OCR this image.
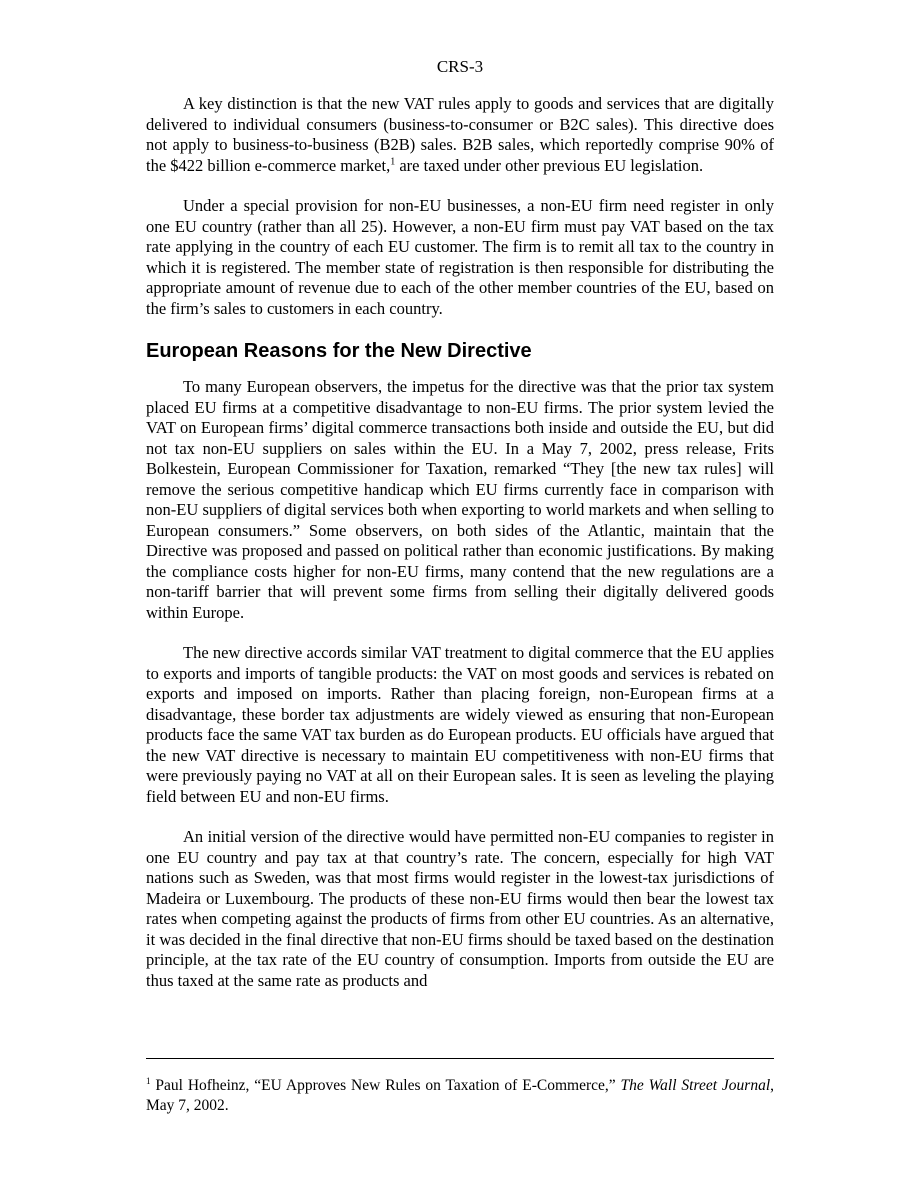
CRS-3

A key distinction is that the new VAT rules apply to goods and services that are digitally delivered to individual consumers (business-to-consumer or B2C sales). This directive does not apply to business-to-business (B2B) sales. B2B sales, which reportedly comprise 90% of the $422 billion e-commerce market,$^1$ are taxed under other previous EU legislation.

Under a special provision for non-EU businesses, a non-EU firm need register in only one EU country (rather than all 25). However, a non-EU firm must pay VAT based on the tax rate applying in the country of each EU customer. The firm is to remit all tax to the country in which it is registered. The member state of registration is then responsible for distributing the appropriate amount of revenue due to each of the other member countries of the EU, based on the firm’s sales to customers in each country.

European Reasons for the New Directive

To many European observers, the impetus for the directive was that the prior tax system placed EU firms at a competitive disadvantage to non-EU firms. The prior system levied the VAT on European firms’ digital commerce transactions both inside and outside the EU, but did not tax non-EU suppliers on sales within the EU. In a May 7, 2002, press release, Frits Bolkestein, European Commissioner for Taxation, remarked “They [the new tax rules] will remove the serious competitive handicap which EU firms currently face in comparison with non-EU suppliers of digital services both when exporting to world markets and when selling to European consumers.” Some observers, on both sides of the Atlantic, maintain that the Directive was proposed and passed on political rather than economic justifications. By making the compliance costs higher for non-EU firms, many contend that the new regulations are a non-tariff barrier that will prevent some firms from selling their digitally delivered goods within Europe.

The new directive accords similar VAT treatment to digital commerce that the EU applies to exports and imports of tangible products: the VAT on most goods and services is rebated on exports and imposed on imports. Rather than placing foreign, non-European firms at a disadvantage, these border tax adjustments are widely viewed as ensuring that non-European products face the same VAT tax burden as do European products. EU officials have argued that the new VAT directive is necessary to maintain EU competitiveness with non-EU firms that were previously paying no VAT at all on their European sales. It is seen as leveling the playing field between EU and non-EU firms.

An initial version of the directive would have permitted non-EU companies to register in one EU country and pay tax at that country’s rate. The concern, especially for high VAT nations such as Sweden, was that most firms would register in the lowest-tax jurisdictions of Madeira or Luxembourg. The products of these non-EU firms would then bear the lowest tax rates when competing against the products of firms from other EU countries. As an alternative, it was decided in the final directive that non-EU firms should be taxed based on the destination principle, at the tax rate of the EU country of consumption. Imports from outside the EU are thus taxed at the same rate as products and

$^1$ Paul Hofheinz, “EU Approves New Rules on Taxation of E-Commerce,” The Wall Street Journal, May 7, 2002.
